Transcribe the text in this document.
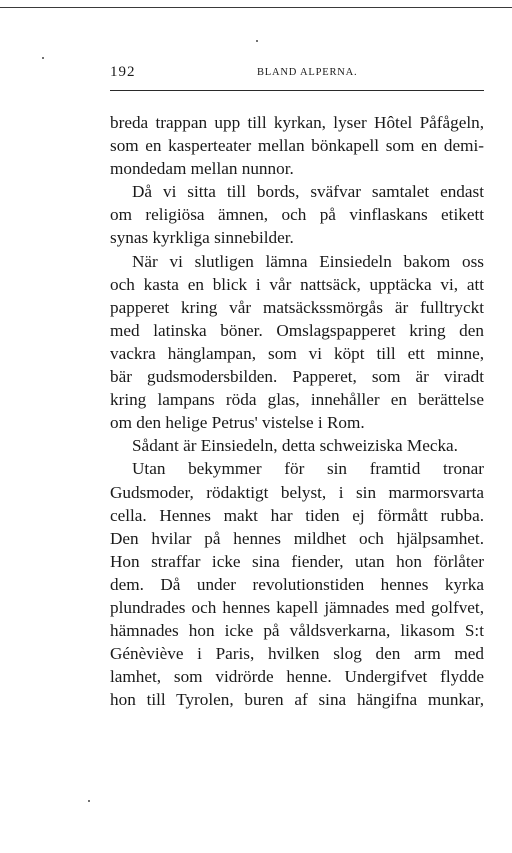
192	BLAND ALPERNA.
breda trappan upp till kyrkan, lyser Hôtel Påfågeln,
som en kasperteater mellan bönkapell som en demi-
mondedam mellan nunnor.
Då vi sitta till bords, sväfvar samtalet endast
om religiösa ämnen, och på vinflaskans etikett
synas kyrkliga sinnebilder.
När vi slutligen lämna Einsiedeln bakom oss
och kasta en blick i vår nattsäck, upptäcka vi, att
papperet kring vår matsäckssmörgås är fulltryckt
med latinska böner. Omslagspapperet kring den
vackra hänglampan, som vi köpt till ett minne,
bär gudsmodersbilden. Papperet, som är viradt
kring lampans röda glas, innehåller en berättelse
om den helige Petrus' vistelse i Rom.
Sådant är Einsiedeln, detta schweiziska Mecka.
Utan bekymmer för sin framtid tronar
Gudsmoder, rödaktigt belyst, i sin marmorsvarta
cella. Hennes makt har tiden ej förmått rubba.
Den hvilar på hennes mildhet och hjälpsamhet.
Hon straffar icke sina fiender, utan hon förlåter
dem. Då under revolutionstiden hennes kyrka
plundrades och hennes kapell jämnades med golfvet,
hämnades hon icke på våldsverkarna, likasom S:t
Génèviève i Paris, hvilken slog den arm med
lamhet, som vidrörde henne. Undergifvet flydde
hon till Tyrolen, buren af sina hängifna munkar,
